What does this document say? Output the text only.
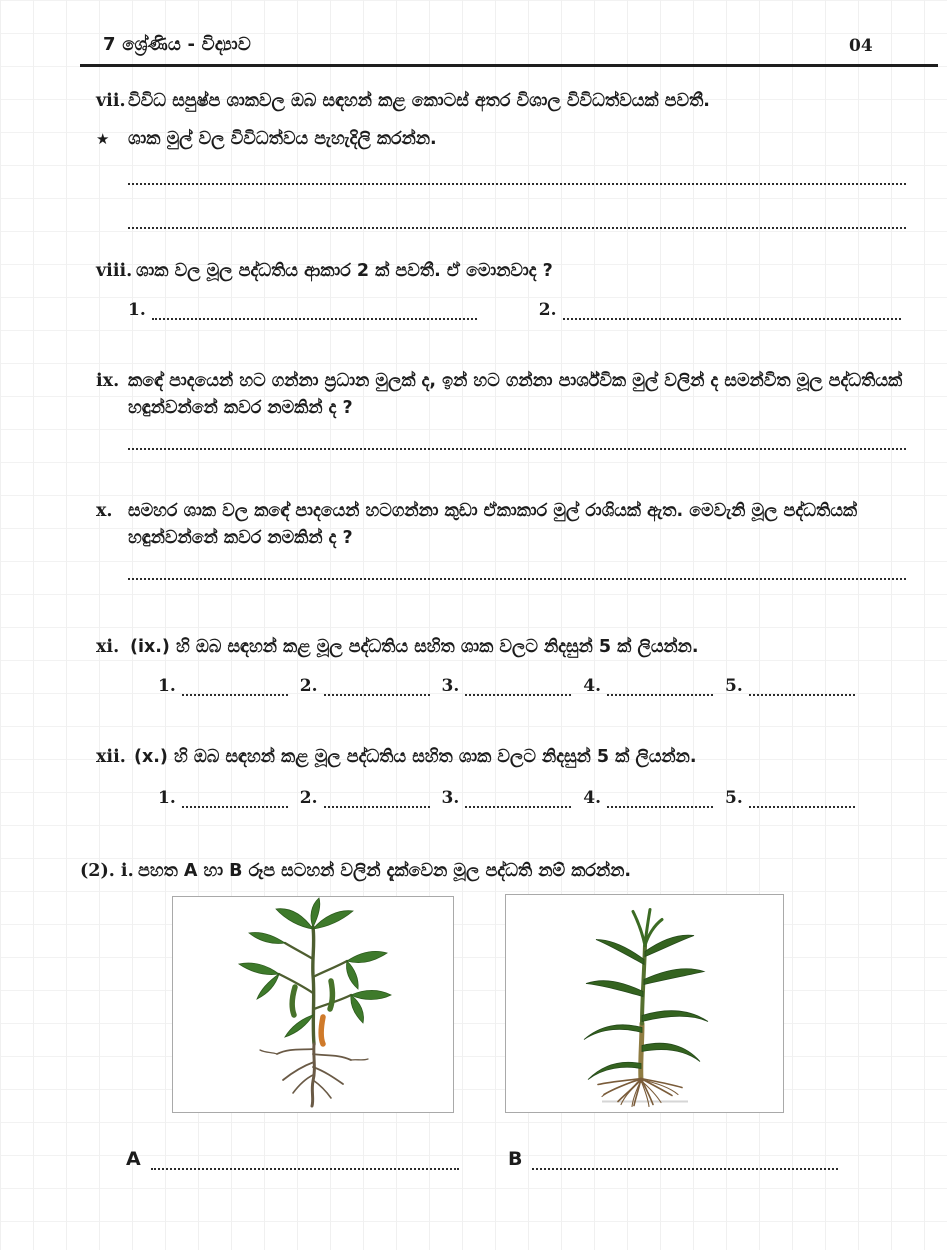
7 ශ්‍රේණිය - විද්‍යාව	04
vii. විවිධ සපුෂ්ප ශාකවල ඔබ සඳහන් කළ කොටස් අතර විශාල විවිධත්වයක් පවතී.
★	ශාක මුල් වල විවිධත්වය පැහැදිලි කරන්න.
viii. ශාක වල මූල පද්ධතිය ආකාර 2 ක් පවතී. ඒ මොනවාද ?
1.	2.
ix. කඳේ පාදයෙන් හට ගන්නා ප්‍රධාන මුලක් ද, ඉන් හට ගන්නා පාර්ශ්වික මුල් වලින් ද සමන්විත මූල පද්ධතියක් හඳුන්වන්නේ කවර නමකින් ද ?
x. සමහර ශාක වල කඳේ පාදයෙන් හටගන්නා කුඩා ඒකාකාර මුල් රාශියක් ඇත. මෙවැනි මූල පද්ධතියක් හඳුන්වන්නේ කවර නමකින් ද ?
xi. (ix.) හි ඔබ සඳහන් කළ මූල පද්ධතිය සහිත ශාක වලට නිදසුන් 5 ක් ලියන්න.
1.	2.	3.	4.	5.
xii. (x.) හි ඔබ සඳහන් කළ මූල පද්ධතිය සහිත ශාක වලට නිදසුන් 5 ක් ලියන්න.
1.	2.	3.	4.	5.
(2). i. පහත A හා B රූප සටහන් වලින් දැක්වෙන මූල පද්ධති නම් කරන්න.
A	B
